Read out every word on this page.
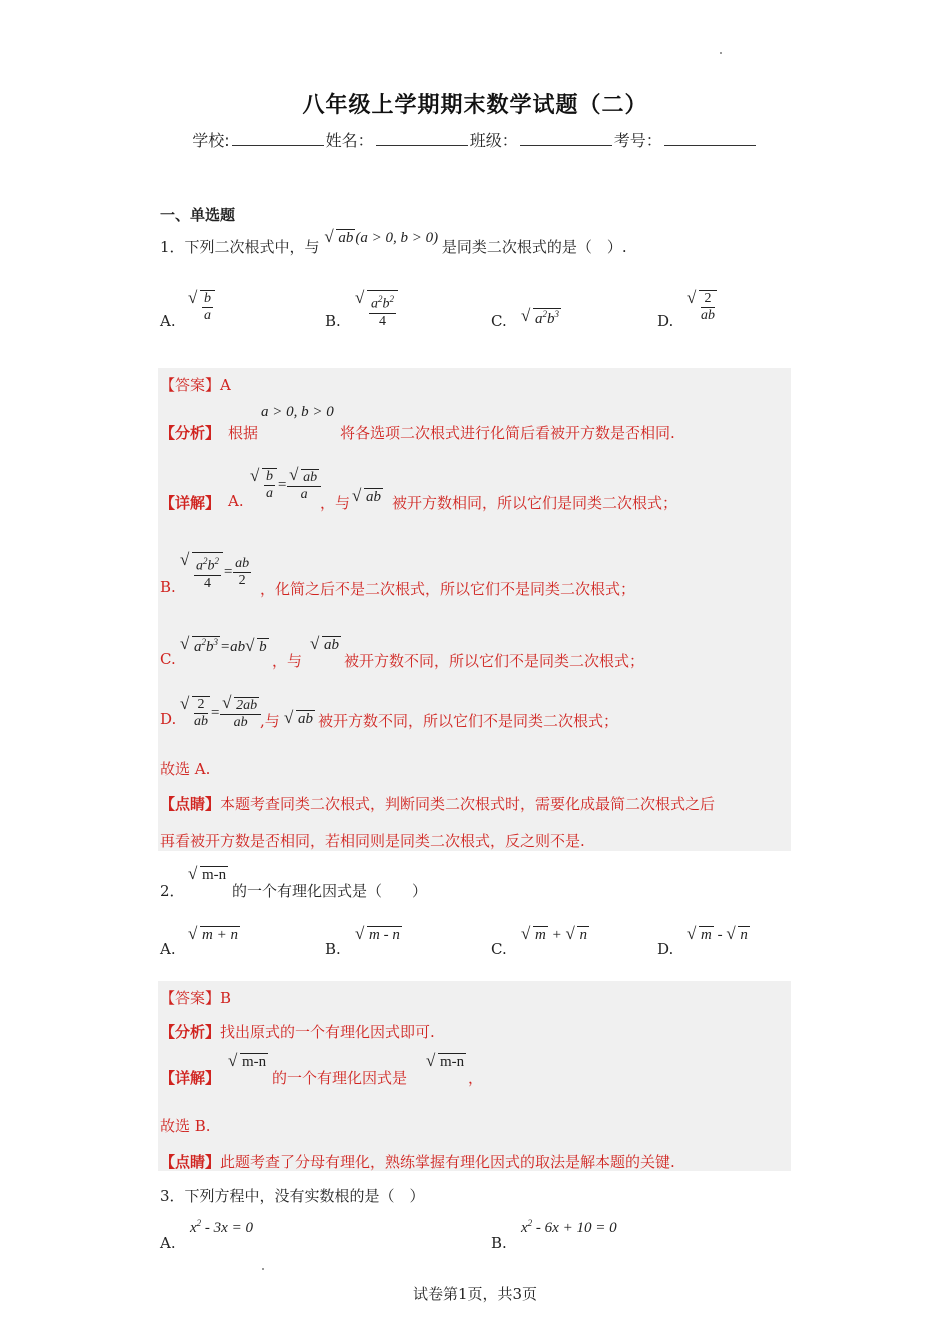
八年级上学期期末数学试题（二）
学校:	姓名：	班级：	考号：
一、单选题
1．下列二次根式中，与 √ ab (a > 0, b > 0) 是同类二次根式的是（　）.
A.
√ $\frac{b}{a}$	B.
√ $\frac{a^2b^2}{4}$	C.
√	$a^2b^3$	D.
√ $\frac{2}{ab}$
【答案】A
【分析】 根据
a > 0, b > 0
将各选项二次根式进行化简后看被开方数是否相同.
【详解】 A.
√ $\frac{b}{a}$ =
√ $\frac{ab}{a}$
，与
√	ab 被开方数相同，所以它们是同类二次根式；
B.
√ $\frac{a^2b^2}{4} = \frac{ab}{2}$
，化简之后不是二次根式，所以它们不是同类二次根式；
C.
√ $a^2b^3 =ab√$ b
，与
√ ab
被开方数不同，所以它们不是同类二次根式；
D.
√ $\frac{2}{ab}$ =
√ $\frac{2ab}{ab}$
,与
√	ab 被开方数不同，所以它们不是同类二次根式；
故选 A.
【点睛】本题考查同类二次根式，判断同类二次根式时，需要化成最简二次根式之后
再看被开方数是否相同，若相同则是同类二次根式，反之则不是.
2．
√ m-n
的一个有理化因式是（　　）
A.
√ m + n
B.
√ m - n
C.
√ m + √ n
D.
√ m - √ n
【答案】B
【分析】找出原式的一个有理化因式即可.
【详解】
√ m-n
的一个有理化因式是
√ m-n
，
故选 B.
【点睛】此题考查了分母有理化，熟练掌握有理化因式的取法是解本题的关键.
3．下列方程中，没有实数根的是（　）
A.
$x^2 - 3x = 0$
B.
$x^2 - 6x + 10 = 0$
试卷第1页，共3页
